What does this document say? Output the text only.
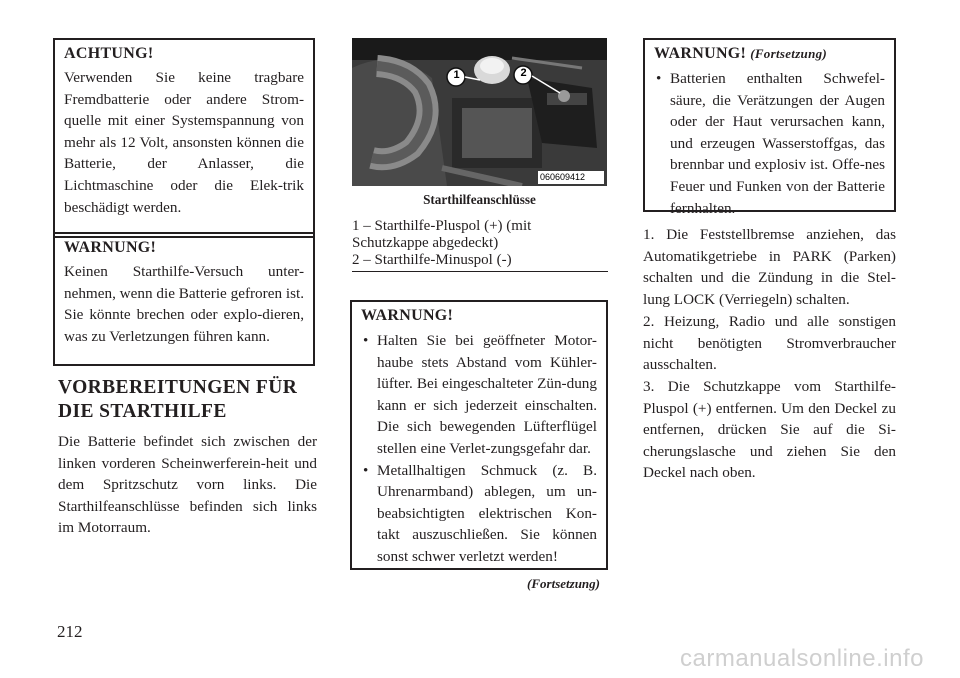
ACHTUNG!

Verwenden Sie keine tragbare Fremdbatterie oder andere Strom-quelle mit einer Systemspannung von mehr als 12 Volt, ansonsten können die Batterie, der Anlasser, die Lichtmaschine oder die Elek-trik beschädigt werden.

WARNUNG!

Keinen Starthilfe-Versuch unter-nehmen, wenn die Batterie gefroren ist. Sie könnte brechen oder explo-dieren, was zu Verletzungen führen kann.

VORBEREITUNGEN FÜR
DIE STARTHILFE

Die Batterie befindet sich zwischen der linken vorderen Scheinwerferein-heit und dem Spritzschutz vorn links. Die Starthilfeanschlüsse befinden sich links im Motorraum.

1	2
060609412
Starthilfeanschlüsse
1 – Starthilfe-Pluspol (+) (mit
Schutzkappe abgedeckt)
2 – Starthilfe-Minuspol (-)
WARNUNG!

• Halten Sie bei geöffneter Motor-haube stets Abstand vom Kühler-lüfter. Bei eingeschalteter Zün-dung kann er sich jederzeit einschalten. Die sich bewegenden Lüfterflügel stellen eine Verlet-zungsgefahr dar.

• Metallhaltigen Schmuck (z. B. Uhrenarmband) ablegen, um un-beabsichtigten elektrischen Kon-takt auszuschließen. Sie können sonst schwer verletzt werden!

(Fortsetzung)
WARNUNG! (Fortsetzung)

• Batterien enthalten Schwefel-säure, die Verätzungen der Augen oder der Haut verursachen kann, und erzeugen Wasserstoffgas, das brennbar und explosiv ist. Offe-nes Feuer und Funken von der Batterie fernhalten.

1. Die Feststellbremse anziehen, das Automatikgetriebe in PARK (Parken) schalten und die Zündung in die Stel-lung LOCK (Verriegeln) schalten.

2. Heizung, Radio und alle sonstigen nicht benötigten Stromverbraucher ausschalten.

3. Die Schutzkappe vom Starthilfe-Pluspol (+) entfernen. Um den Deckel zu entfernen, drücken Sie auf die Si-cherungslasche und ziehen Sie den Deckel nach oben.

212
carmanualsonline.info
